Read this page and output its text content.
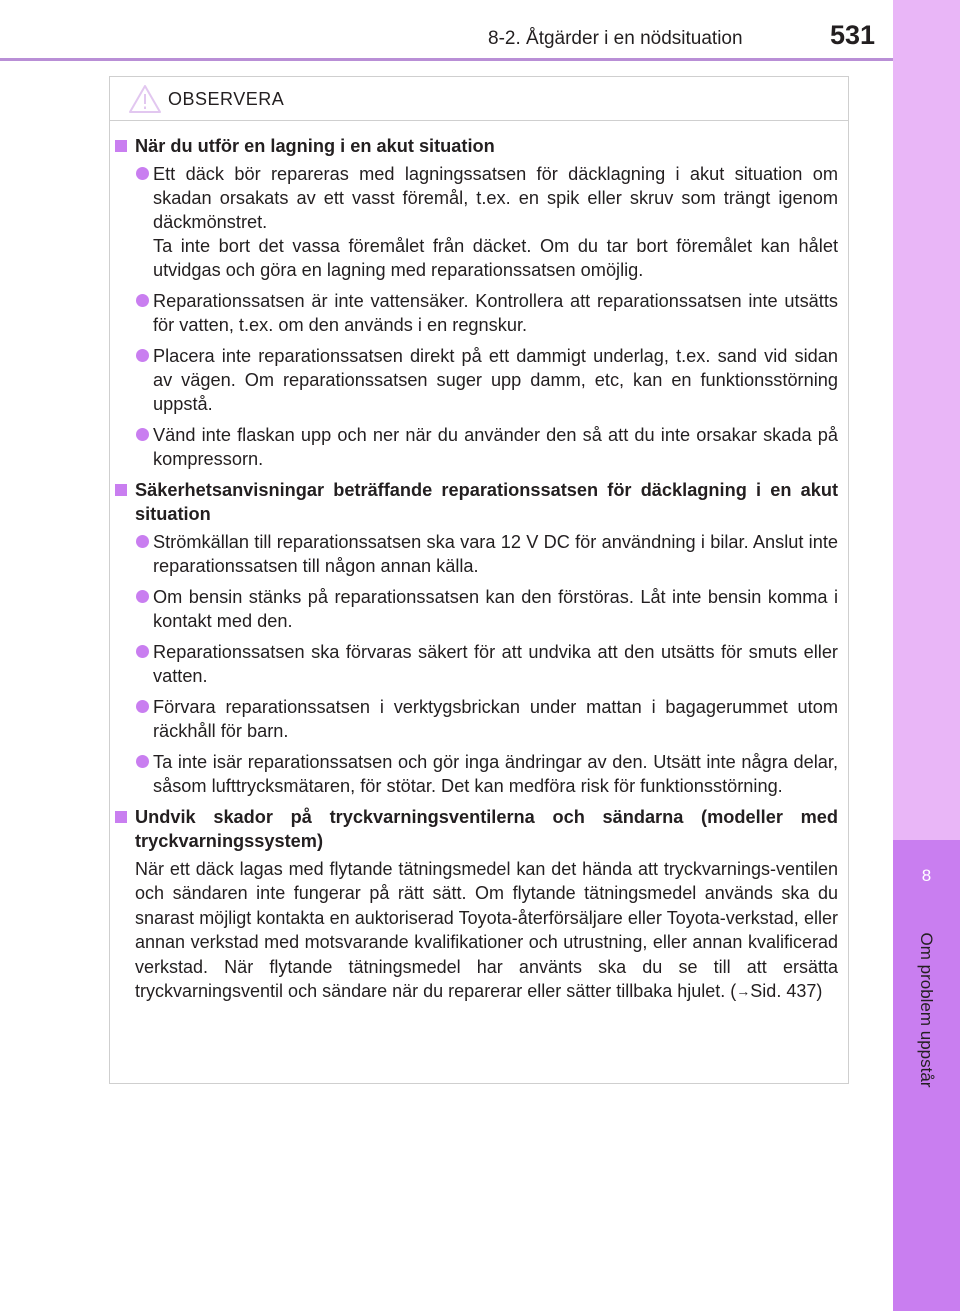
8-2. Åtgärder i en nödsituation	531
8
Om problem uppstår
OBSERVERA
När du utför en lagning i en akut situation

Ett däck bör repareras med lagningssatsen för däcklagning i akut situation om skadan orsakats av ett vasst föremål, t.ex. en spik eller skruv som trängt igenom däckmönstret.

Ta inte bort det vassa föremålet från däcket. Om du tar bort föremålet kan hålet utvidgas och göra en lagning med reparationssatsen omöjlig.

Reparationssatsen är inte vattensäker. Kontrollera att reparationssatsen inte utsätts för vatten, t.ex. om den används i en regnskur.

Placera inte reparationssatsen direkt på ett dammigt underlag, t.ex. sand vid sidan av vägen. Om reparationssatsen suger upp damm, etc, kan en funktionsstörning uppstå.

Vänd inte flaskan upp och ner när du använder den så att du inte orsakar skada på kompressorn.

Säkerhetsanvisningar beträffande reparationssatsen för däcklagning i en akut situation

Strömkällan till reparationssatsen ska vara 12 V DC för användning i bilar. Anslut inte reparationssatsen till någon annan källa.

Om bensin stänks på reparationssatsen kan den förstöras. Låt inte bensin komma i kontakt med den.

Reparationssatsen ska förvaras säkert för att undvika att den utsätts för smuts eller vatten.

Förvara reparationssatsen i verktygsbrickan under mattan i bagagerummet utom räckhåll för barn.

Ta inte isär reparationssatsen och gör inga ändringar av den. Utsätt inte några delar, såsom lufttrycksmätaren, för stötar. Det kan medföra risk för funktionsstörning.

Undvik skador på tryckvarningsventilerna och sändarna (modeller med tryckvarningssystem)

När ett däck lagas med flytande tätningsmedel kan det hända att tryckvarnings-ventilen och sändaren inte fungerar på rätt sätt. Om flytande tätningsmedel används ska du snarast möjligt kontakta en auktoriserad Toyota-återförsäljare eller Toyota-verkstad, eller annan verkstad med motsvarande kvalifikationer och utrustning, eller annan kvalificerad verkstad. När flytande tätningsmedel har använts ska du se till att ersätta tryckvarningsventil och sändare när du reparerar eller sätter tillbaka hjulet. (→Sid. 437)
